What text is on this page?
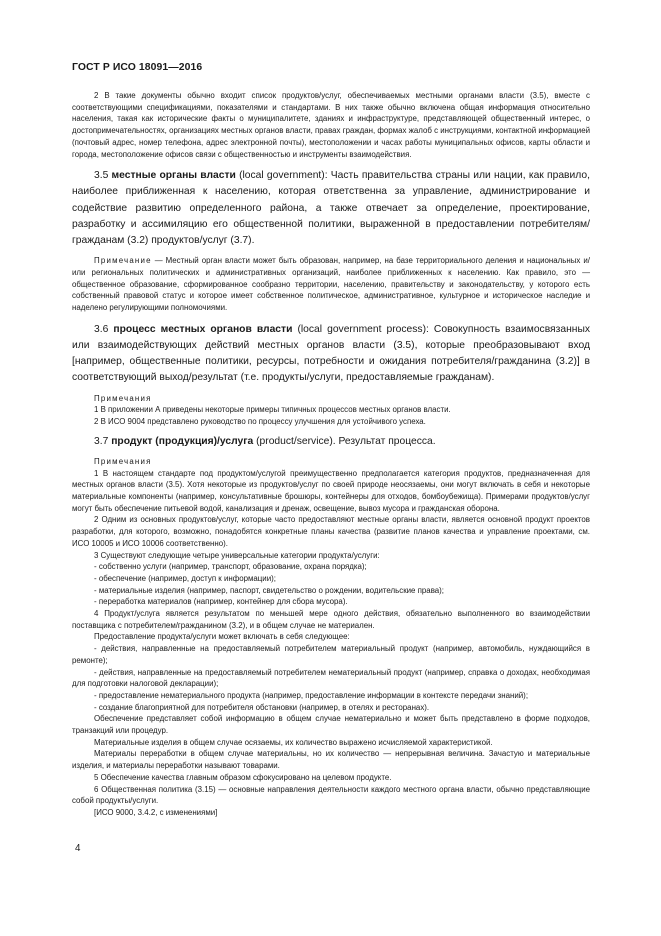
ГОСТ Р ИСО 18091—2016

2 В такие документы обычно входит список продуктов/услуг, обеспечиваемых местными органами власти (3.5), вместе с соответствующими спецификациями, показателями и стандартами. В них также обычно включена общая информация относительно населения, такая как исторические факты о муниципалитете, зданиях и инфраструктуре, представляющей общественный интерес, о достопримечательностях, организациях местных органов власти, правах граждан, формах жалоб с инструкциями, контактной информацией (почтовый адрес, номер телефона, адрес электронной почты), местоположении и часах работы муниципальных офисов, карты области и города, местоположение офисов связи с общественностью и инструменты взаимодействия.

3.5 местные органы власти (local government): Часть правительства страны или нации, как правило, наиболее приближенная к населению, которая ответственна за управление, администрирование и содействие развитию определенного района, а также отвечает за определение, проектирование, разработку и ассимиляцию его общественной политики, выраженной в предоставлении потребителям/гражданам (3.2) продуктов/услуг (3.7).

Примечание — Местный орган власти может быть образован, например, на базе территориального деления и национальных и/или региональных политических и административных организаций, наиболее приближенных к населению. Как правило, это — общественное образование, сформированное сообразно территории, населению, правительству и законодательству, у которого есть собственный правовой статус и которое имеет собственное политическое, административное, культурное и историческое наследие и наделено регулирующими полномочиями.

3.6 процесс местных органов власти (local government process): Совокупность взаимосвязанных или взаимодействующих действий местных органов власти (3.5), которые преобразовывают вход [например, общественные политики, ресурсы, потребности и ожидания потребителя/гражданина (3.2)] в соответствующий выход/результат (т.е. продукты/услуги, предоставляемые гражданам).

Примечания

1 В приложении А приведены некоторые примеры типичных процессов местных органов власти.

2 В ИСО 9004 представлено руководство по процессу улучшения для устойчивого успеха.

3.7 продукт (продукция)/услуга (product/service). Результат процесса.

Примечания

1 В настоящем стандарте под продуктом/услугой преимущественно предполагается категория продуктов, предназначенная для местных органов власти (3.5). Хотя некоторые из продуктов/услуг по своей природе неосязаемы, они могут включать в себя и некоторые материальные компоненты (например, консультативные брошюры, контейнеры для отходов, бомбоубежища). Примерами продуктов/услуг могут быть обеспечение питьевой водой, канализация и дренаж, освещение, вывоз мусора и гражданская оборона.

2 Одним из основных продуктов/услуг, которые часто предоставляют местные органы власти, является основной продукт проектов разработки, для которого, возможно, понадобятся конкретные планы качества (развитие планов качества и управление проектами, см. ИСО 10005 и ИСО 10006 соответственно).

3 Существуют следующие четыре универсальные категории продукта/услуги:

- собственно услуги (например, транспорт, образование, охрана порядка);

- обеспечение (например, доступ к информации);

- материальные изделия (например, паспорт, свидетельство о рождении, водительские права);

- переработка материалов (например, контейнер для сбора мусора).

4 Продукт/услуга является результатом по меньшей мере одного действия, обязательно выполненного во взаимодействии поставщика с потребителем/гражданином (3.2), и в общем случае не материален.

Предоставление продукта/услуги может включать в себя следующее:

- действия, направленные на предоставляемый потребителем материальный продукт (например, автомобиль, нуждающийся в ремонте);

- действия, направленные на предоставляемый потребителем нематериальный продукт (например, справка о доходах, необходимая для подготовки налоговой декларации);

- предоставление нематериального продукта (например, предоставление информации в контексте передачи знаний);

- создание благоприятной для потребителя обстановки (например, в отелях и ресторанах).

Обеспечение представляет собой информацию в общем случае нематериально и может быть представлено в форме подходов, транзакций или процедур.

Материальные изделия в общем случае осязаемы, их количество выражено исчисляемой характеристикой.

Материалы переработки в общем случае материальны, но их количество — непрерывная величина. Зачастую и материальные изделия, и материалы переработки называют товарами.

5 Обеспечение качества главным образом сфокусировано на целевом продукте.

6 Общественная политика (3.15) — основные направления деятельности каждого местного органа власти, обычно представляющие собой продукты/услуги.

[ИСО 9000, 3.4.2, с изменениями]

4
